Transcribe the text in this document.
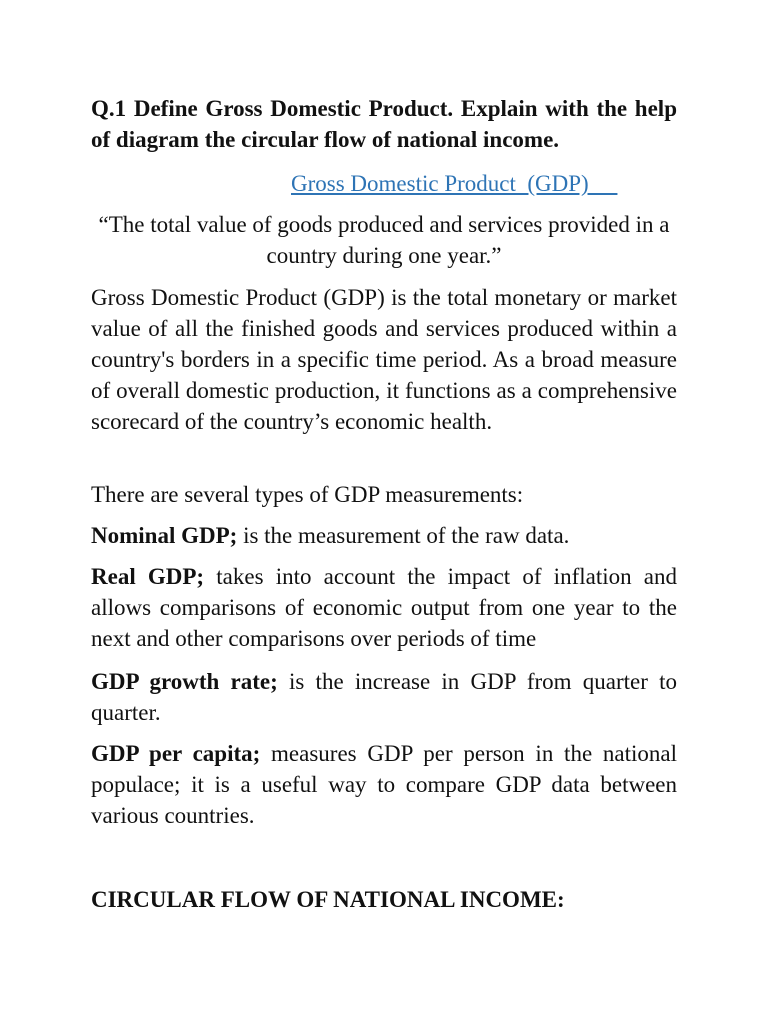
Q.1 Define Gross Domestic Product. Explain with the help of diagram the circular flow of national income.

Gross Domestic Product  (GDP)

“The total value of goods produced and services provided in a country during one year.”

Gross Domestic Product (GDP) is the total monetary or market value of all the finished goods and services produced within a country's borders in a specific time period. As a broad measure of overall domestic production, it functions as a comprehensive scorecard of the country’s economic health.

There are several types of GDP measurements:

Nominal GDP; is the measurement of the raw data.

Real GDP; takes into account the impact of inflation and allows comparisons of economic output from one year to the next and other comparisons over periods of time

GDP growth rate; is the increase in GDP from quarter to quarter.

GDP per capita; measures GDP per person in the national populace; it is a useful way to compare GDP data between various countries.

CIRCULAR FLOW OF NATIONAL INCOME:
